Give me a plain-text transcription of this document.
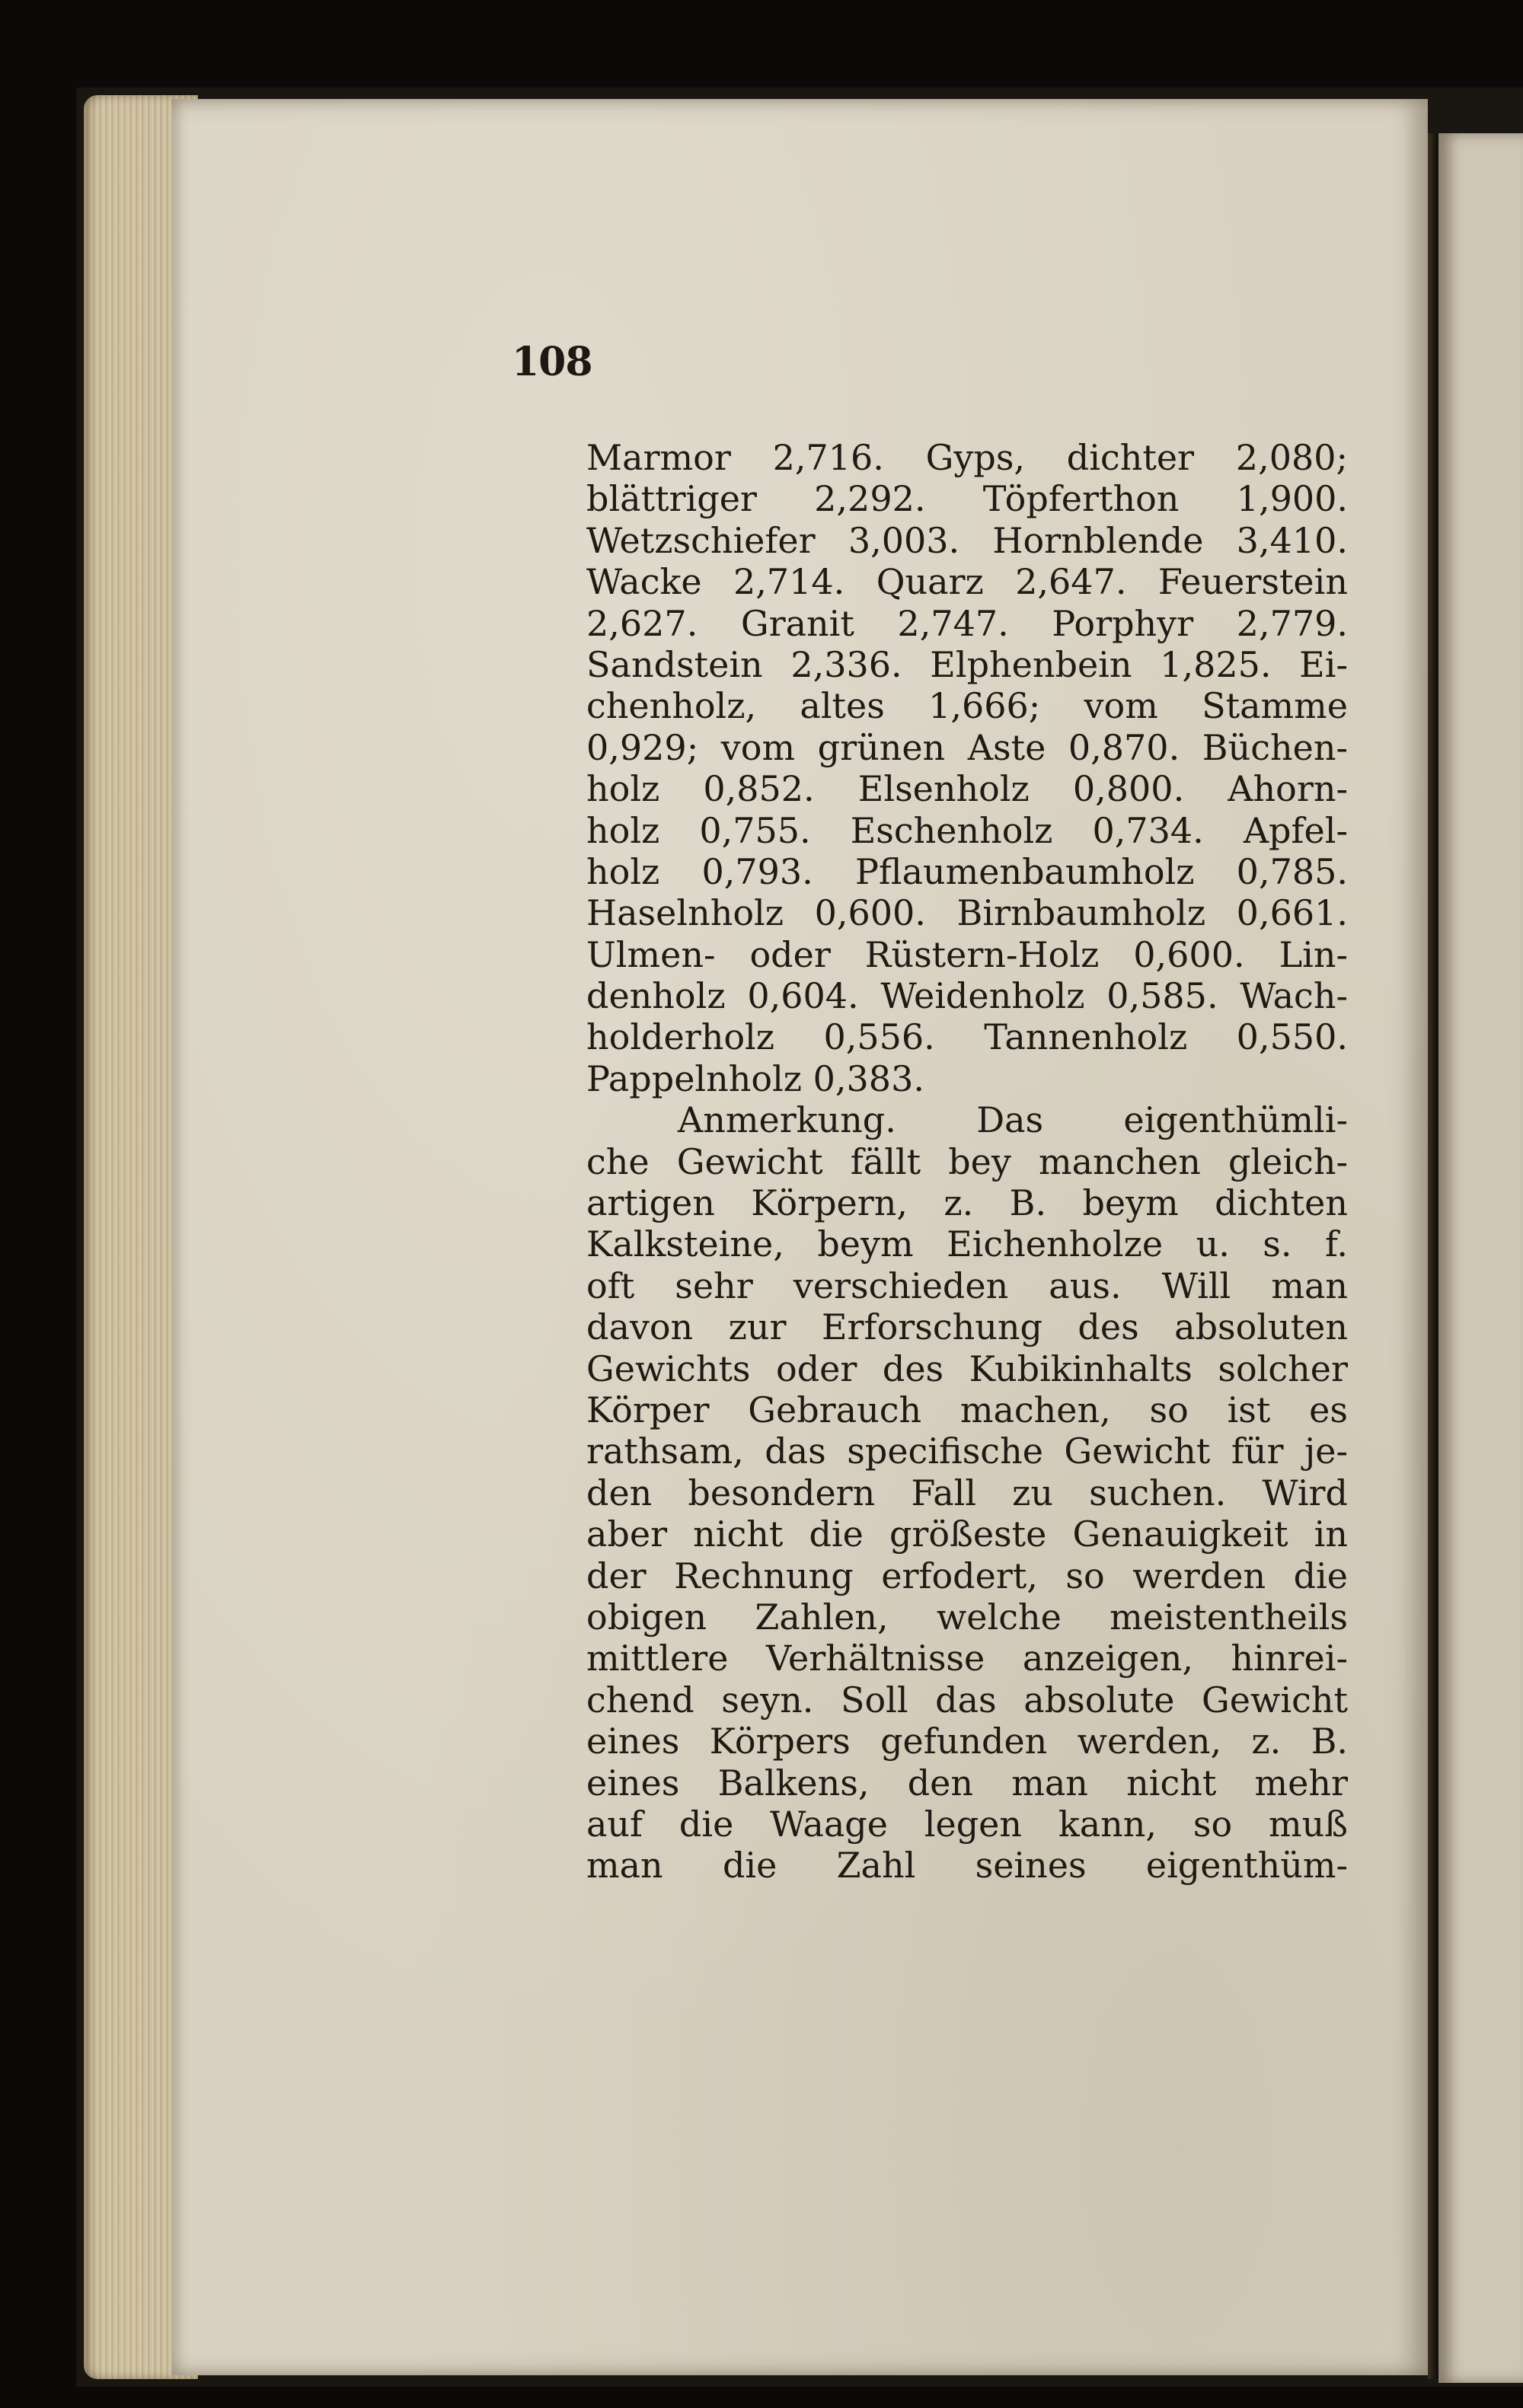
108
Marmor 2,716. Gyps, dichter 2,080;
blättriger 2,292. Töpferthon 1,900.
Wetzschiefer 3,003. Hornblende 3,410.
Wacke 2,714. Quarz 2,647. Feuerstein
2,627. Granit 2,747. Porphyr 2,779.
Sandstein 2,336. Elphenbein 1,825. Ei-
chenholz, altes 1,666; vom Stamme
0,929; vom grünen Aste 0,870. Büchen-
holz 0,852. Elsenholz 0,800. Ahorn-
holz 0,755. Eschenholz 0,734. Apfel-
holz 0,793. Pflaumenbaumholz 0,785.
Haselnholz 0,600. Birnbaumholz 0,661.
Ulmen- oder Rüstern-Holz 0,600. Lin-
denholz 0,604. Weidenholz 0,585. Wach-
holderholz 0,556. Tannenholz 0,550.
Pappelnholz 0,383.
Anmerkung. Das eigenthümli-
che Gewicht fällt bey manchen gleich-
artigen Körpern, z. B. beym dichten
Kalksteine, beym Eichenholze u. s. f.
oft sehr verschieden aus. Will man
davon zur Erforschung des absoluten
Gewichts oder des Kubikinhalts solcher
Körper Gebrauch machen, so ist es
rathsam, das specifische Gewicht für je-
den besondern Fall zu suchen. Wird
aber nicht die größeste Genauigkeit in
der Rechnung erfodert, so werden die
obigen Zahlen, welche meistentheils
mittlere Verhältnisse anzeigen, hinrei-
chend seyn. Soll das absolute Gewicht
eines Körpers gefunden werden, z. B.
eines Balkens, den man nicht mehr
auf die Waage legen kann, so muß
man die Zahl seines eigenthüm-
